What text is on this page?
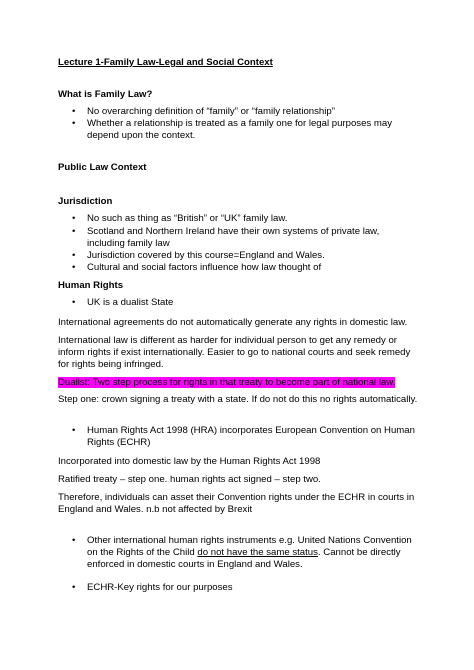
Lecture 1-Family Law-Legal and Social Context
What is Family Law?
• No overarching definition of “family” or “family relationship”
• Whether a relationship is treated as a family one for legal purposes may
depend upon the context.
Public Law Context
Jurisdiction
• No such as thing as “British” or “UK” family law.
• Scotland and Northern Ireland have their own systems of private law,
including family law
• Jurisdiction covered by this course=England and Wales.
• Cultural and social factors influence how law thought of
Human Rights
• UK is a dualist State
International agreements do not automatically generate any rights in domestic law.
International law is different as harder for individual person to get any remedy or
inform rights if exist internationally. Easier to go to national courts and seek remedy
for rights being infringed.
Dualist: Two step process for rights in that treaty to become part of national law.
Step one: crown signing a treaty with a state. If do not do this no rights automatically.
• Human Rights Act 1998 (HRA) incorporates European Convention on Human
Rights (ECHR)
Incorporated into domestic law by the Human Rights Act 1998
Ratified treaty – step one. human rights act signed – step two.
Therefore, individuals can asset their Convention rights under the ECHR in courts in
England and Wales. n.b not affected by Brexit
• Other international human rights instruments e.g. United Nations Convention
on the Rights of the Child do not have the same status. Cannot be directly
enforced in domestic courts in England and Wales.
• ECHR-Key rights for our purposes
